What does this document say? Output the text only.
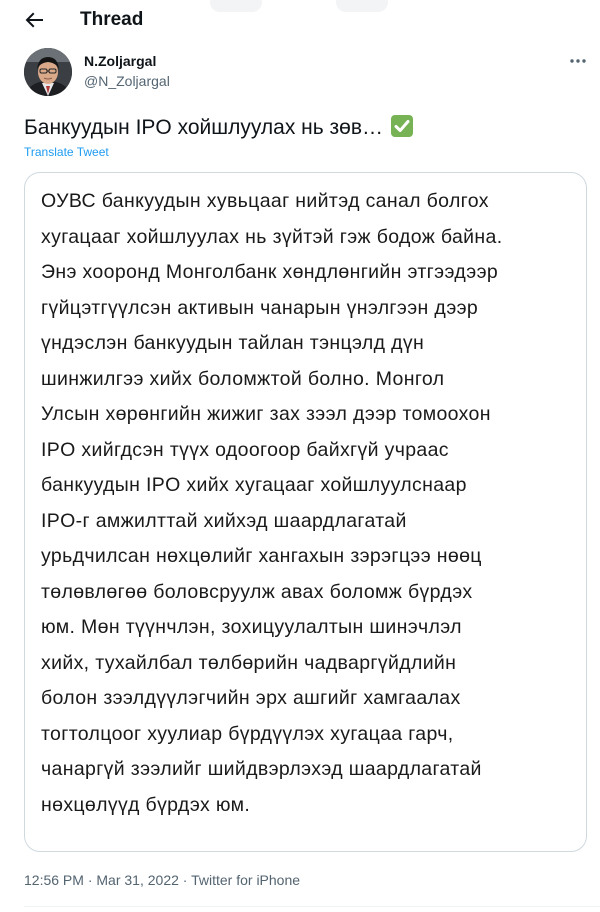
Thread
N.Zoljargal
@N_Zoljargal
Банкуудын IPO хойшлуулах нь зөв…
Translate Tweet
ОУВС банкуудын хувьцааг нийтэд санал болгох
хугацааг хойшлуулах нь зүйтэй гэж бодож байна.
Энэ хооронд Монголбанк хөндлөнгийн этгээдээр
гүйцэтгүүлсэн активын чанарын үнэлгээн дээр
үндэслэн банкуудын тайлан тэнцэлд дүн
шинжилгээ хийх боломжтой болно. Монгол
Улсын хөрөнгийн жижиг зах зээл дээр томоохон
IPO хийгдсэн түүх одоогоор байхгүй учраас
банкуудын IPO хийх хугацааг хойшлуулснаар
IPO-г амжилттай хийхэд шаардлагатай
урьдчилсан нөхцөлийг хангахын зэрэгцээ нөөц
төлөвлөгөө боловсруулж авах боломж бүрдэх
юм. Мөн түүнчлэн, зохицуулалтын шинэчлэл
хийх, тухайлбал төлбөрийн чадваргүйдлийн
болон зээлдүүлэгчийн эрх ашгийг хамгаалах
тогтолцоог хуулиар бүрдүүлэх хугацаа гарч,
чанаргүй зээлийг шийдвэрлэхэд шаардлагатай
нөхцөлүүд бүрдэх юм.
12:56 PM · Mar 31, 2022 · Twitter for iPhone
